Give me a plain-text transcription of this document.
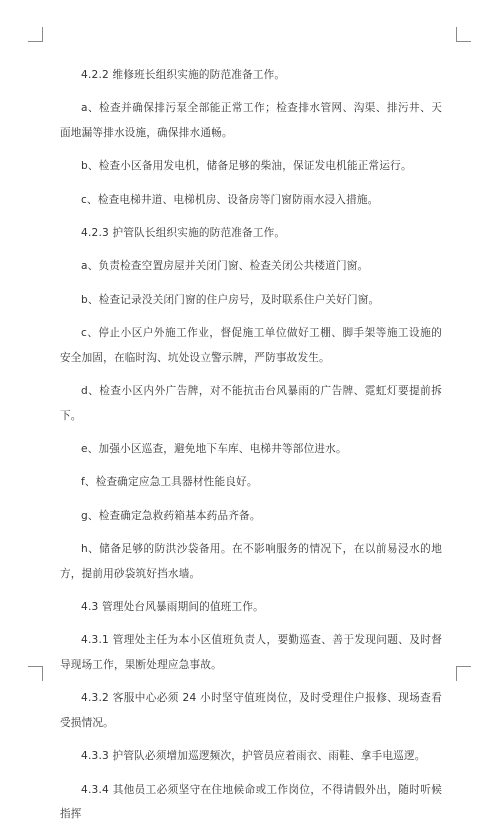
4.2.2 维修班长组织实施的防范准备工作。

a、检查并确保排污泵全部能正常工作；检查排水管网、沟渠、排污井、天面地漏等排水设施，确保排水通畅。

b、检查小区备用发电机，储备足够的柴油，保证发电机能正常运行。

c、检查电梯井道、电梯机房、设备房等门窗防雨水浸入措施。

4.2.3 护管队长组织实施的防范准备工作。

a、负责检查空置房屋并关闭门窗、检查关闭公共楼道门窗。

b、检查记录没关闭门窗的住户房号，及时联系住户关好门窗。

c、停止小区户外施工作业，督促施工单位做好工棚、脚手架等施工设施的安全加固，在临时沟、坑处设立警示牌，严防事故发生。

d、检查小区内外广告牌，对不能抗击台风暴雨的广告牌、霓虹灯要提前拆下。

e、加强小区巡查，避免地下车库、电梯井等部位进水。

f、检查确定应急工具器材性能良好。

g、检查确定急救药箱基本药品齐备。

h、储备足够的防洪沙袋备用。在不影响服务的情况下，在以前易浸水的地方，提前用砂袋筑好挡水墙。

4.3 管理处台风暴雨期间的值班工作。

4.3.1 管理处主任为本小区值班负责人，要勤巡查、善于发现问题、及时督导现场工作，果断处理应急事故。

4.3.2 客服中心必须 24 小时坚守值班岗位，及时受理住户报修、现场查看受损情况。

4.3.3 护管队必须增加巡逻频次，护管员应着雨衣、雨鞋、拿手电巡逻。

4.3.4 其他员工必须坚守在住地候命或工作岗位，不得请假外出，随时听候指挥
